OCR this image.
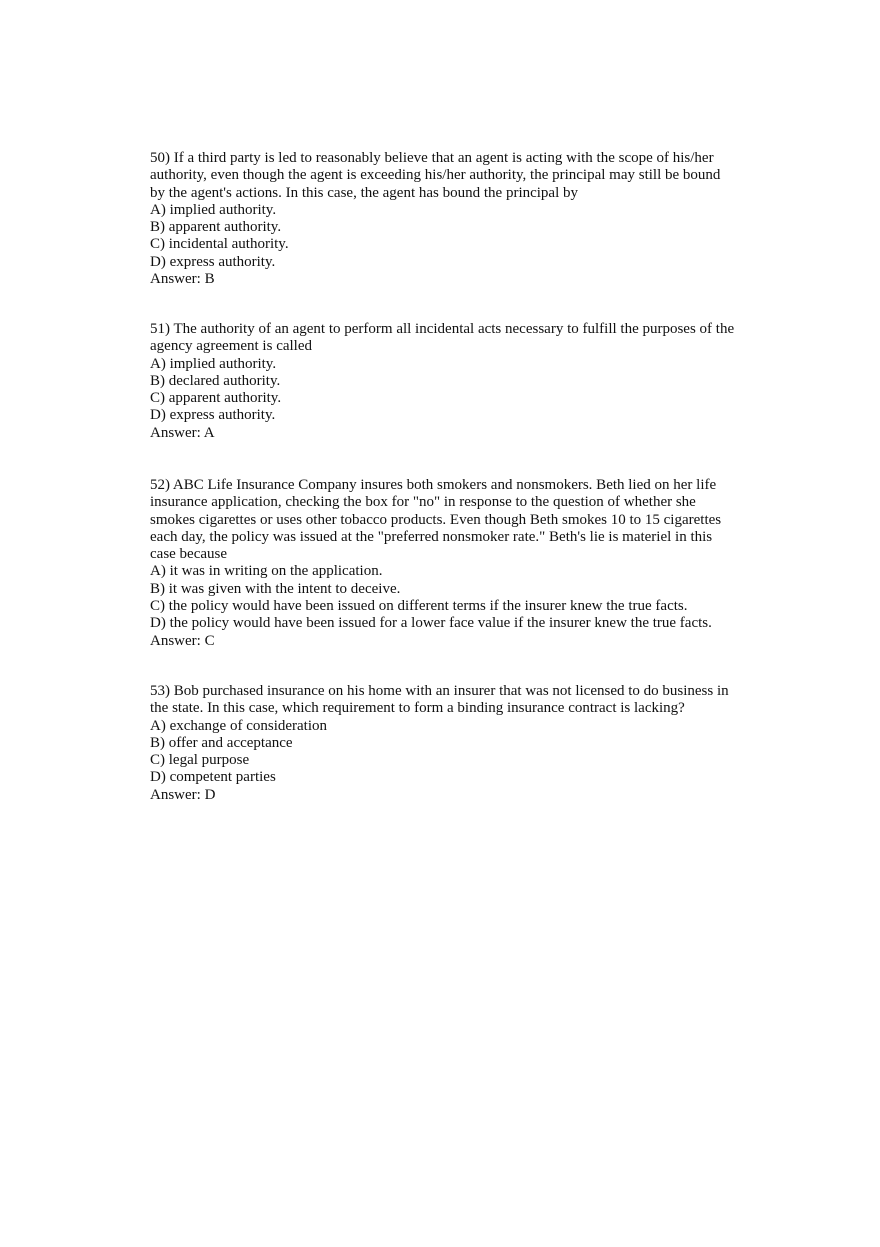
50) If a third party is led to reasonably believe that an agent is acting with the scope of his/her
authority, even though the agent is exceeding his/her authority, the principal may still be bound
by the agent's actions. In this case, the agent has bound the principal by
A) implied authority.
B) apparent authority.
C) incidental authority.
D) express authority.
Answer: B
51) The authority of an agent to perform all incidental acts necessary to fulfill the purposes of the
agency agreement is called
A) implied authority.
B) declared authority.
C) apparent authority.
D) express authority.
Answer: A
52) ABC Life Insurance Company insures both smokers and nonsmokers. Beth lied on her life
insurance application, checking the box for "no" in response to the question of whether she
smokes cigarettes or uses other tobacco products. Even though Beth smokes 10 to 15 cigarettes
each day, the policy was issued at the "preferred nonsmoker rate." Beth's lie is materiel in this
case because
A) it was in writing on the application.
B) it was given with the intent to deceive.
C) the policy would have been issued on different terms if the insurer knew the true facts.
D) the policy would have been issued for a lower face value if the insurer knew the true facts.
Answer: C
53) Bob purchased insurance on his home with an insurer that was not licensed to do business in
the state. In this case, which requirement to form a binding insurance contract is lacking?
A) exchange of consideration
B) offer and acceptance
C) legal purpose
D) competent parties
Answer: D
